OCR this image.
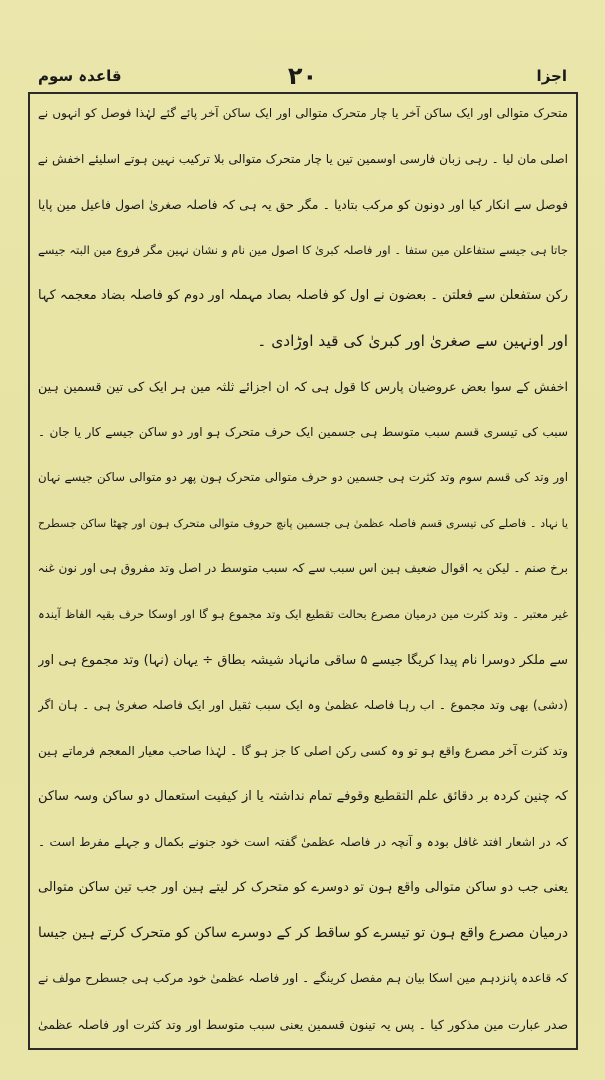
قاعدہ سوم	٢٠	اجزا
متحرک متوالی اور ایک ساکن آخر یا چار متحرک متوالی اور ایک ساکن آخر پائے گئے لہٰذا فوصل کو انہوں نے
اصلی مان لیا ۔ رہی زبان فارسی اوسمین تین یا چار متحرک متوالی بلا ترکیب نہین ہوتے اسلیئے اخفش نے
فوصل سے انکار کیا اور دونون کو مرکب بتادیا ۔ مگر حق یہ ہی کہ فاصلہ صغریٰ اصول فاعیل مین پایا
جاتا ہی جیسے ستفاعلن مین ستفا ۔ اور فاصلہ کبریٰ کا اصول مین نام و نشان نہین مگر فروع مین البتہ جیسے
رکن ستفعلن سے فعلتن ۔ بعضون نے اول کو فاصلہ بصاد مہملہ اور دوم کو فاصلہ بضاد معجمہ کہا
اور اونہین سے صغریٰ اور کبریٰ کی قید اوڑادی ۔
اخفش کے سوا بعض عروضیان پارس کا قول ہی کہ ان اجزائے ثلثہ مین ہر ایک کی تین قسمین ہین
سبب کی تیسری قسم سبب متوسط ہی جسمین ایک حرف متحرک ہو اور دو ساکن جیسے کار یا جان ۔
اور وتد کی قسم سوم وتد کثرت ہی جسمین دو حرف متوالی متحرک ہون پھر دو متوالی ساکن جیسے نہان
یا نہاد ۔ فاصلے کی تیسری قسم فاصلہ عظمیٰ ہی جسمین پانچ حروف متوالی متحرک ہون اور چھٹا ساکن جسطرح
برخ صنم ۔ لیکن یہ اقوال ضعیف ہین اس سبب سے کہ سبب متوسط در اصل وتد مفروق ہی اور نون غنہ
غیر معتبر ۔ وتد کثرت مین درمیان مصرع بحالت تقطیع ایک وتد مجموع ہو گا اور اوسکا حرف بقیہ الفاظ آیندہ
سے ملکر دوسرا نام پیدا کریگا جیسے ۵ ساقی مانہاد شیشہ بطاق ÷ یہان (نہا) وتد مجموع ہی اور
(دشی) بھی وتد مجموع ۔ اب رہا فاصلہ عظمیٰ وہ ایک سبب ثقیل اور ایک فاصلہ صغریٰ ہی ۔ ہان اگر
وتد کثرت آخر مصرع واقع ہو تو وہ کسی رکن اصلی کا جز ہو گا ۔ لہٰذا صاحب معیار المعجم فرماتے ہین
کہ چنین کردہ بر دقائق علم التقطیع وقوفے تمام نداشتہ یا از کیفیت استعمال دو ساکن وسہ ساکن
کہ در اشعار افتد غافل بودہ و آنچہ در فاصلہ عظمیٰ گفتہ است خود جنونے بکمال و جہلے مفرط است ۔
یعنی جب دو ساکن متوالی واقع ہون تو دوسرے کو متحرک کر لیتے ہین اور جب تین ساکن متوالی
درمیان مصرع واقع ہون تو تیسرے کو ساقط کر کے دوسرے ساکن کو متحرک کرتے ہین جیسا
کہ قاعدہ پانزدہم مین اسکا بیان ہم مفصل کرینگے ۔ اور فاصلہ عظمیٰ خود مرکب ہی جسطرح مولف نے
صدر عبارت مین مذکور کیا ۔ پس یہ تینون قسمین یعنی سبب متوسط اور وتد کثرت اور فاصلہ عظمیٰ
